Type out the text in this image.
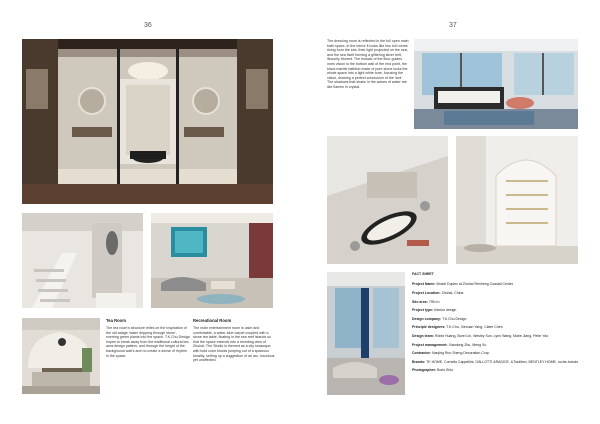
36	37
Tea Room
The tea room's structure relies on the inspiration of the old adage 'water dripping through stone', exerting green plants into the space. T.K.Chu Design hopes to break away from the traditional cultural tea area design pattern, and through the height of the background wall's arch to create a sense of rhythm in the space.
Recreational Room
The main entertainment room is calm and comfortable, a water-blue carpet coupled with a stone tea table, floating in the sea reef islands so that the space extends into a receding view of Zhuhai. The Studio is themed as a city seascape, with bold color blocks jumping out of a spacious tonality, setting up a suggestion of an arc, luxurious yet unaffected.
The dressing room is reflected in the full open main bath space, in the mirror it looks like two full rooms rising from the sea, their light projected on the sea, and the sea itself forming a glittering silver belt, illusorily blurred. The mosaic of the floor guides ones vision to the bottom wall of the end point, the black marble bathtub made of pure stone locks the whole space into a light white tone, focusing the vision, drawing a perfect conclusion of the 'sea'. The shadows that shake in the waves of water are like flames in crystal.
FACT SHEET
Project Name: Model Duplex at Zhuhai Renheng Coastal Center
Project Location: Zhuhai, China
Site area: 795 m²
Project type: Interior design
Design company: T.K.Chu Design
Principle designers: T.K.Chu, Xiexuan Yang, Claire Chen
Design team: Robin Huang, Borei Lin, Wesley Sun, Lynn Wang, Marie Jiang, Peter Yao
Project management: Xiaodong Zhu, Meng Xu
Contractor: Nanjing Run Sheng Decoration Corp.
Brands: TK HOME, Cornelio Cappellini, GALLOTTI &RADICE, &Tradition, BENTLEY HOME, roche-bobois
Photographer: Boris Shiu
